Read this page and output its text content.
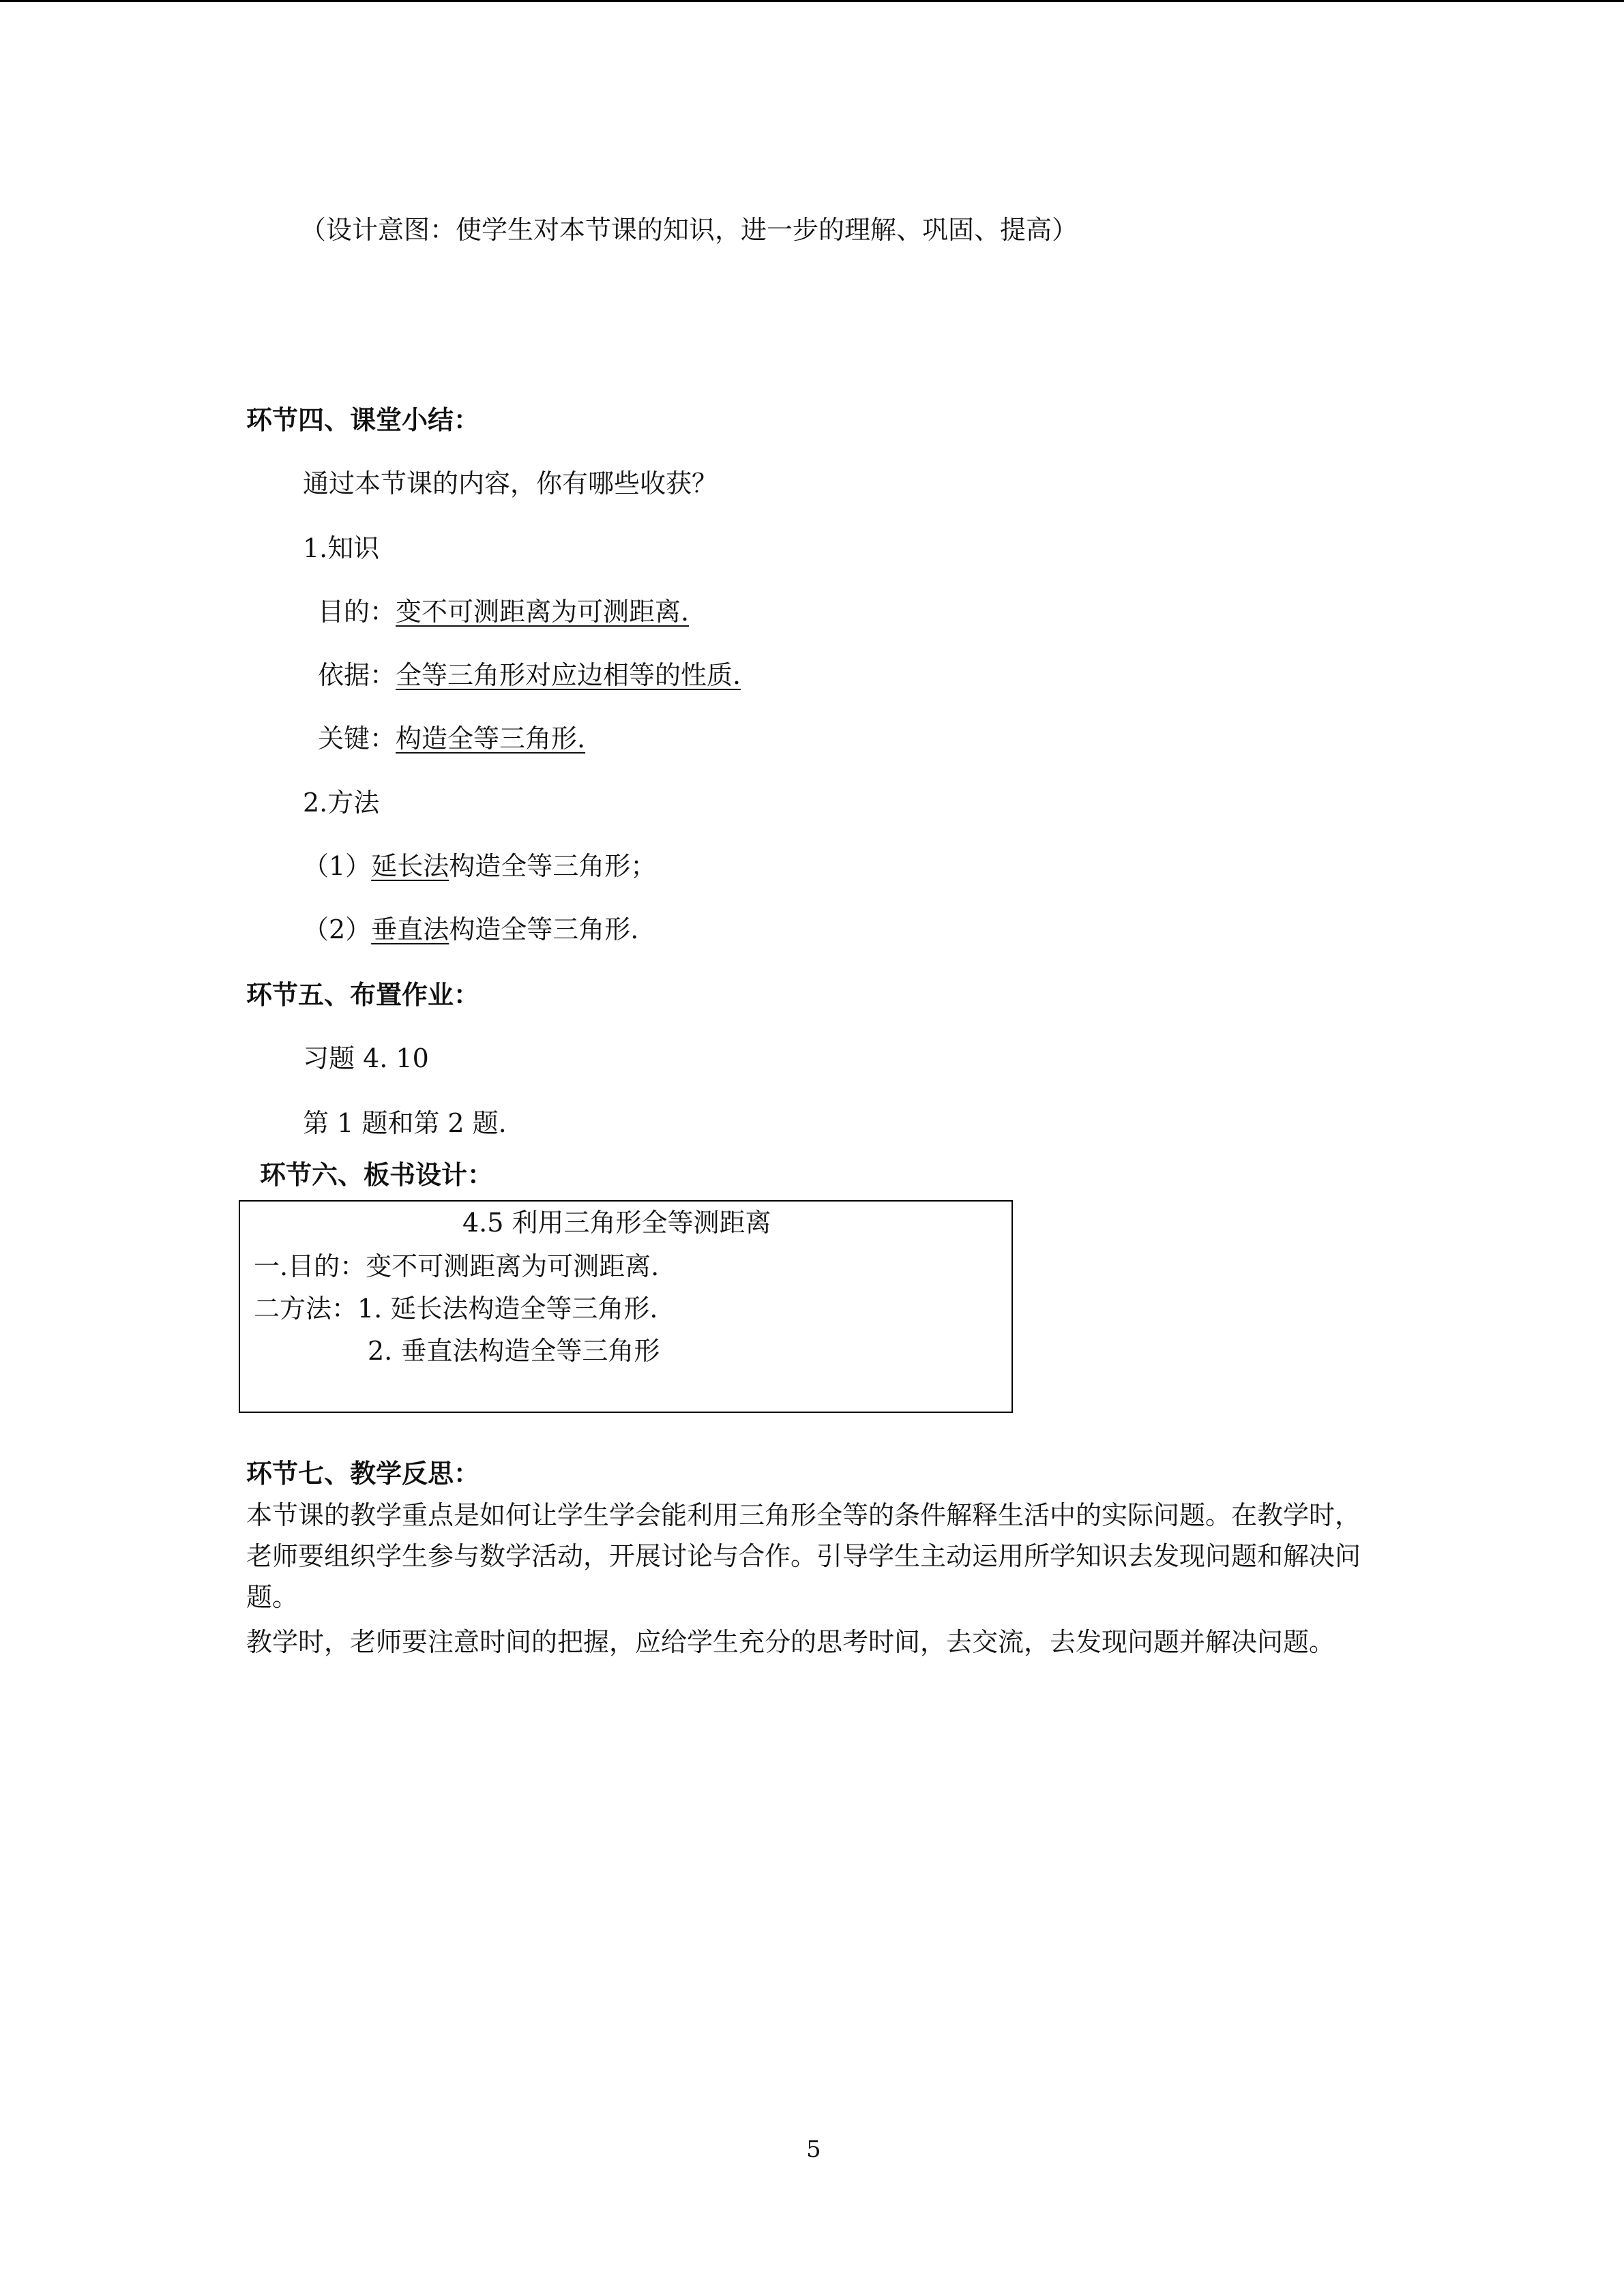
（设计意图：使学生对本节课的知识，进一步的理解、巩固、提高）
环节四、课堂小结：
通过本节课的内容，你有哪些收获？
1.知识
目的：变不可测距离为可测距离.
依据：全等三角形对应边相等的性质.
关键：构造全等三角形.
2.方法
（1）延长法构造全等三角形；
（2）垂直法构造全等三角形.
环节五、布置作业：
习题 4. 10
第 1 题和第 2 题.
环节六、板书设计：
4.5 利用三角形全等测距离
一.目的：变不可测距离为可测距离.
二方法：1. 延长法构造全等三角形.
2. 垂直法构造全等三角形
环节七、教学反思：
本节课的教学重点是如何让学生学会能利用三角形全等的条件解释生活中的实际问题。在教学时，老师要组织学生参与数学活动，开展讨论与合作。引导学生主动运用所学知识去发现问题和解决问题。
教学时，老师要注意时间的把握，应给学生充分的思考时间，去交流，去发现问题并解决问题。
5
